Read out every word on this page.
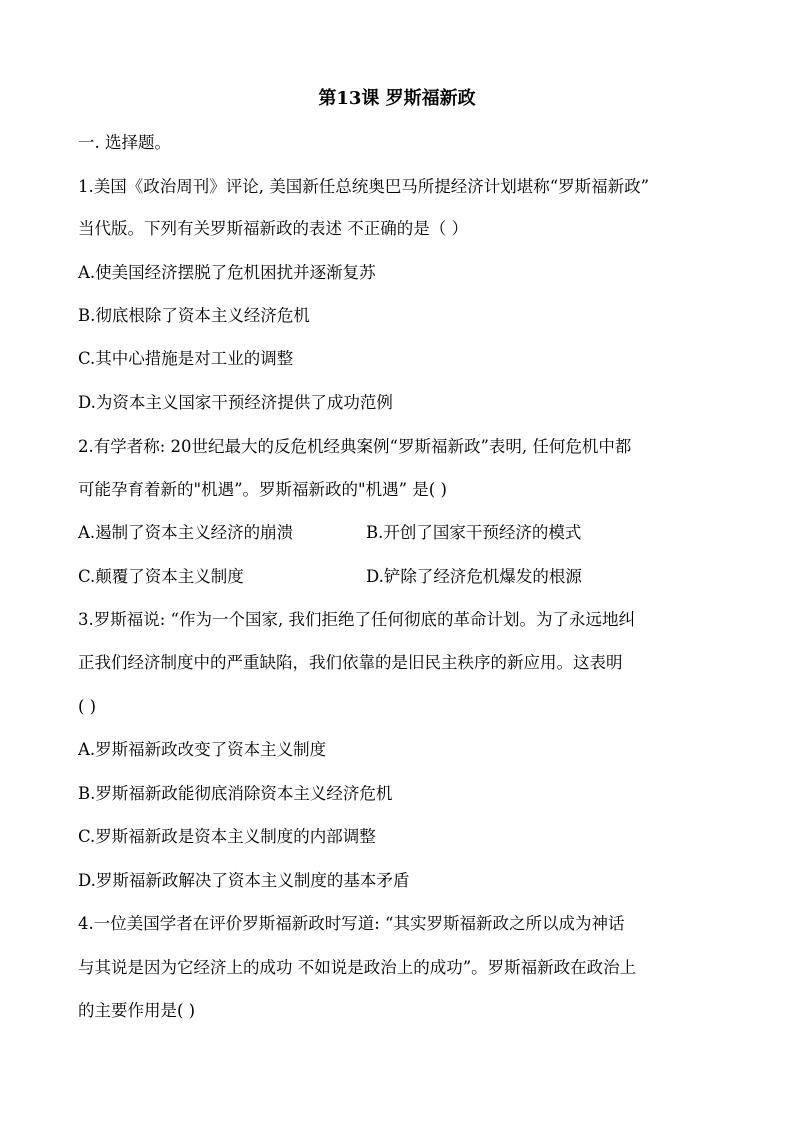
第13课 罗斯福新政
一. 选择题。
1.美国《政治周刊》评论, 美国新任总统奥巴马所提经济计划堪称“罗斯福新政”
当代版。下列有关罗斯福新政的表述 不正确的是（ ）
A.使美国经济摆脱了危机困扰并逐渐复苏
B.彻底根除了资本主义经济危机
C.其中心措施是对工业的调整
D.为资本主义国家干预经济提供了成功范例
2.有学者称: 20世纪最大的反危机经典案例“罗斯福新政”表明, 任何危机中都
可能孕育着新的"机遇”。罗斯福新政的"机遇” 是( )
A.遏制了资本主义经济的崩溃	B.开创了国家干预经济的模式
C.颠覆了资本主义制度	D.铲除了经济危机爆发的根源
3.罗斯福说: “作为一个国家, 我们拒绝了任何彻底的革命计划。为了永远地纠
正我们经济制度中的严重缺陷，我们依靠的是旧民主秩序的新应用。这表明
( )
A.罗斯福新政改变了资本主义制度
B.罗斯福新政能彻底消除资本主义经济危机
C.罗斯福新政是资本主义制度的内部调整
D.罗斯福新政解决了资本主义制度的基本矛盾
4.一位美国学者在评价罗斯福新政时写道: “其实罗斯福新政之所以成为神话
与其说是因为它经济上的成功 不如说是政治上的成功”。罗斯福新政在政治上
的主要作用是( )
